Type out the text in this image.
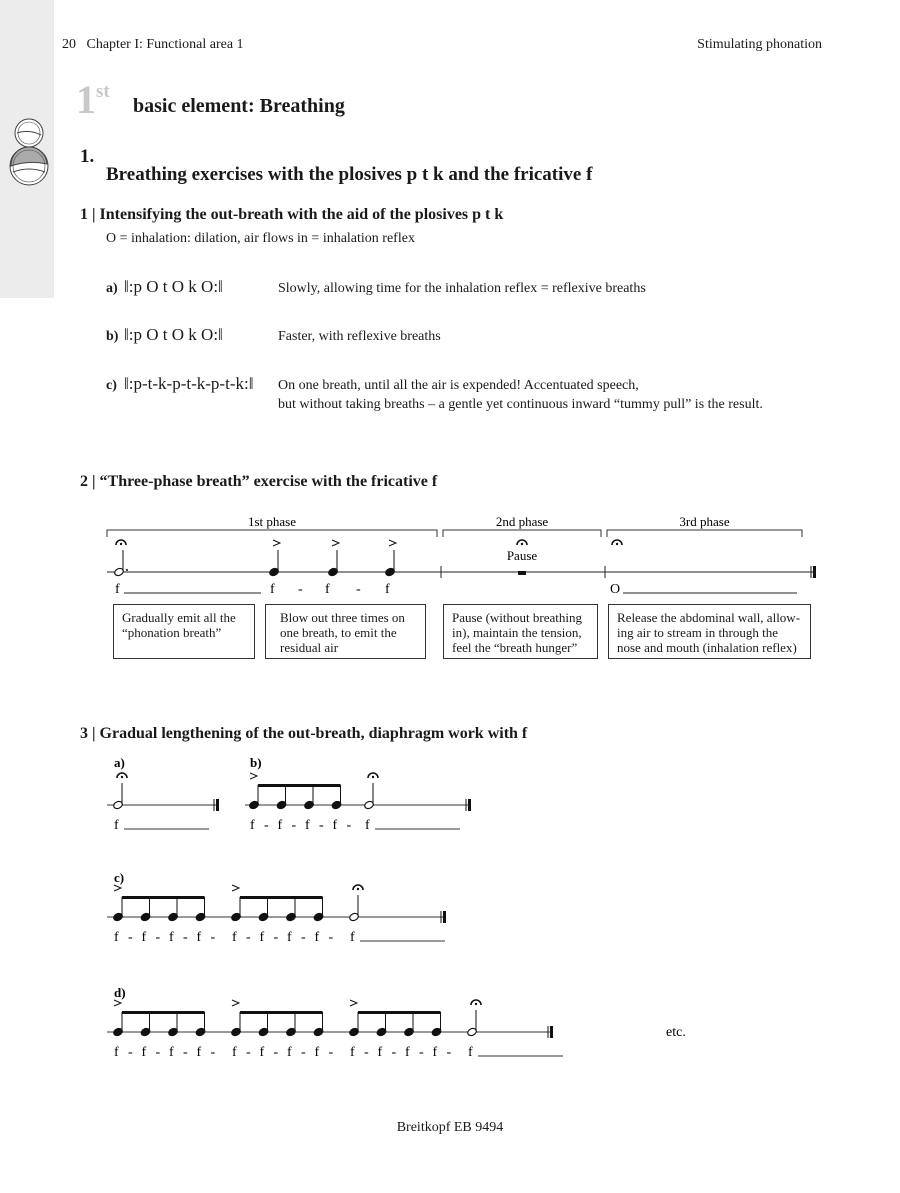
20 Chapter I: Functional area 1	Stimulating phonation
1st
basic element: Breathing
1.
Breathing exercises with the plosives p t k and the fricative f
1 | Intensifying the out-breath with the aid of the plosives p t k
O = inhalation: dilation, air flows in = inhalation reflex
a) ‖:p O t O k O:‖	Slowly, allowing time for the inhalation reflex = reflexive breaths
b) ‖:p O t O k O:‖	Faster, with reflexive breaths
c) ‖:p-t-k-p-t-k-p-t-k:‖ On one breath, until all the air is expended! Accentuated speech,
but without taking breaths – a gentle yet continuous inward “tummy pull” is the result.
2 | “Three-phase breath” exercise with the fricative f
1st phase	2nd phase	3rd phase
Pause
f	f - f - f	O
Gradually emit all the “phonation breath”
Blow out three times on one breath, to emit the residual air
Pause (without breathing in), maintain the tension, feel the “breath hunger”
Release the abdominal wall, allow-ing air to stream in through the nose and mouth (inhalation reflex)
3 | Gradual lengthening of the out-breath, diaphragm work with f
a)
f
b)
f - f - f - f - f
c)
f - f - f - f - f - f - f - f - f
d)
f - f - f - f - f - f - f - f - f - f - f - f - f
etc.
Breitkopf EB 9494
